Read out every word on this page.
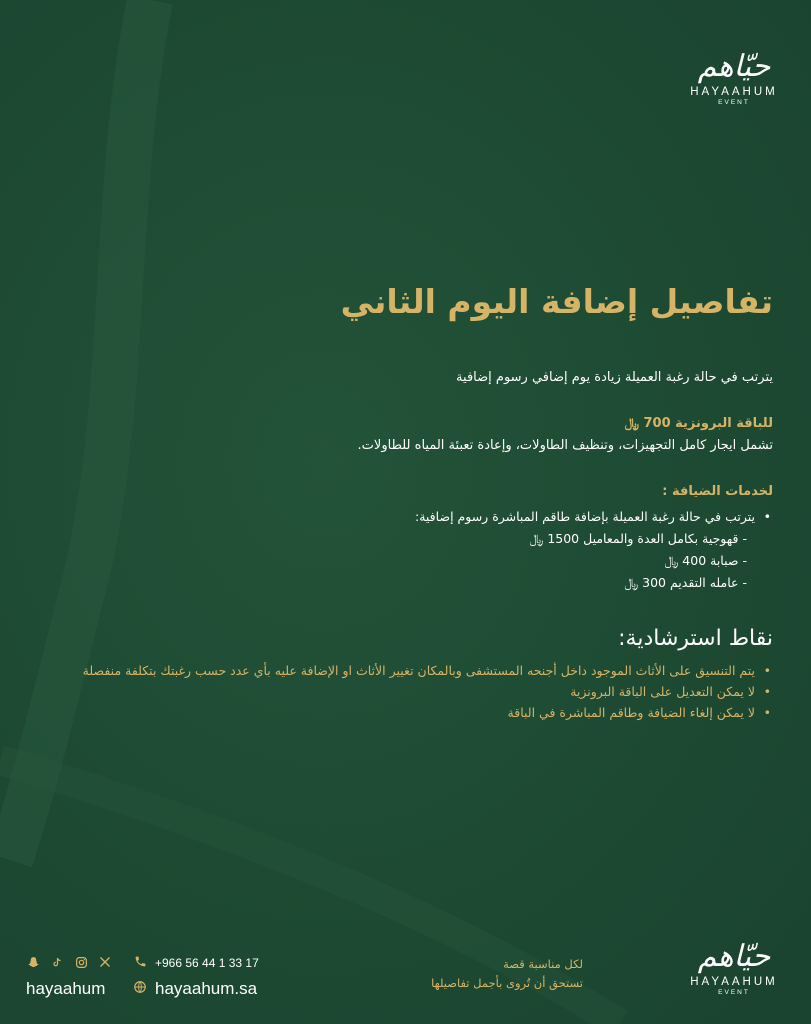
حيّاهم
HAYAAHUM
EVENT
تفاصيل إضافة اليوم الثاني
يترتب في حالة رغبة العميلة زيادة يوم إضافي رسوم إضافية
للباقة البرونزية 700 ﷼
تشمل ايجار كامل التجهيزات، وتنظيف الطاولات، وإعادة تعبئة المياه للطاولات.
لخدمات الضيافة :
• يترتب في حالة رغبة العميلة بإضافة طاقم المباشرة رسوم إضافية:
- قهوجية بكامل العدة والمعاميل 1500 ﷼
- صبابة 400 ﷼
- عامله التقديم 300 ﷼
نقاط استرشادية:
• يتم التنسيق على الأثاث الموجود داخل أجنحه المستشفى وبالمكان تغيير الأثاث او الإضافة عليه بأي عدد حسب رغبتك بتكلفة منفصلة
• لا يمكن التعديل على الباقة البرونزية
• لا يمكن إلغاء الضيافة وطاقم المباشرة في الباقة
لكل مناسبة قصة
تستحق أن تُروى بأجمل تفاصيلها
حيّاهم
HAYAAHUM
EVENT
+966 56 44 1 33 17
hayaahum.sa
hayaahum
